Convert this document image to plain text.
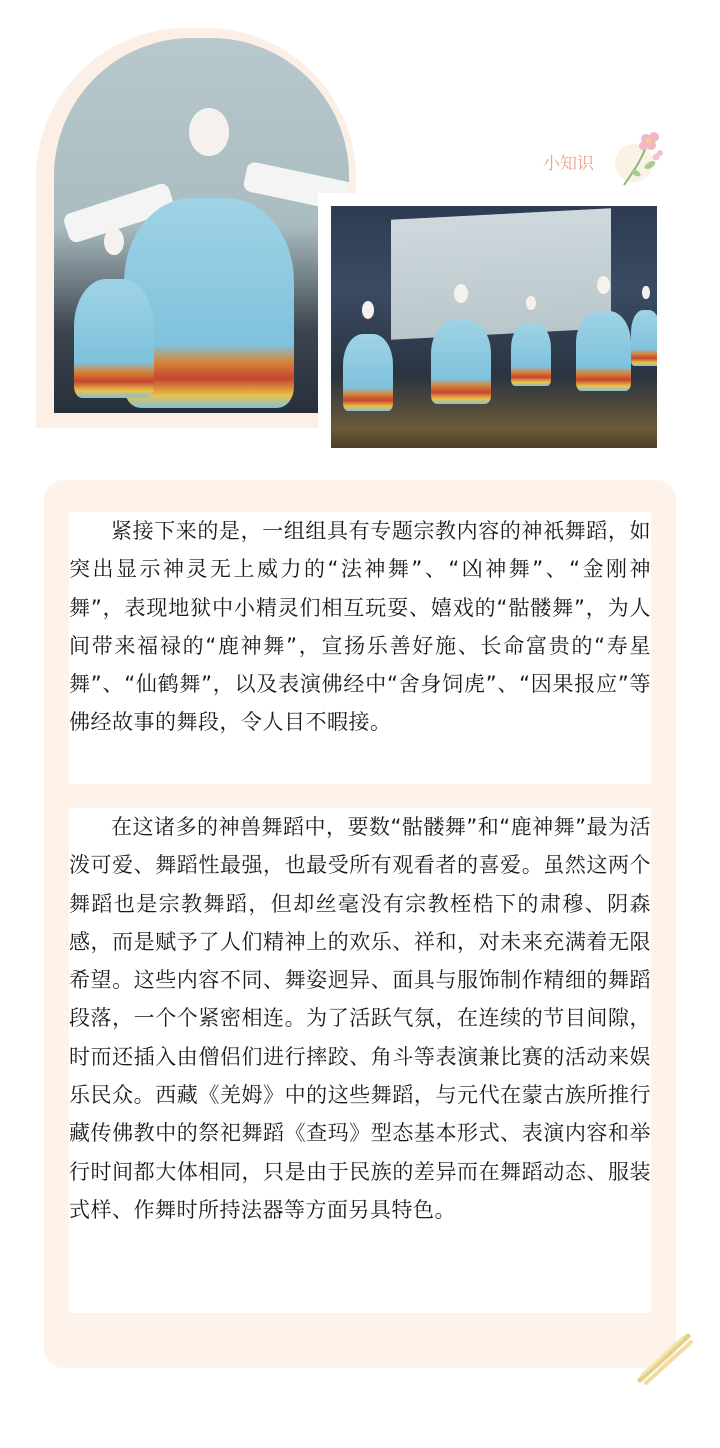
小知识

紧接下来的是，一组组具有专题宗教内容的神祇舞蹈，如突出显示神灵无上威力的“法神舞”、“凶神舞”、“金刚神舞”，表现地狱中小精灵们相互玩耍、嬉戏的“骷髅舞”，为人间带来福禄的“鹿神舞”，宣扬乐善好施、长命富贵的“寿星舞”、“仙鹤舞”，以及表演佛经中“舍身饲虎”、“因果报应”等佛经故事的舞段，令人目不暇接。

在这诸多的神兽舞蹈中，要数“骷髅舞”和“鹿神舞”最为活泼可爱、舞蹈性最强，也最受所有观看者的喜爱。虽然这两个舞蹈也是宗教舞蹈，但却丝毫没有宗教桎梏下的肃穆、阴森感，而是赋予了人们精神上的欢乐、祥和，对未来充满着无限希望。这些内容不同、舞姿迥异、面具与服饰制作精细的舞蹈段落，一个个紧密相连。为了活跃气氛，在连续的节目间隙，时而还插入由僧侣们进行摔跤、角斗等表演兼比赛的活动来娱乐民众。西藏《羌姆》中的这些舞蹈，与元代在蒙古族所推行藏传佛教中的祭祀舞蹈《查玛》型态基本形式、表演内容和举行时间都大体相同，只是由于民族的差异而在舞蹈动态、服装式样、作舞时所持法器等方面另具特色。
